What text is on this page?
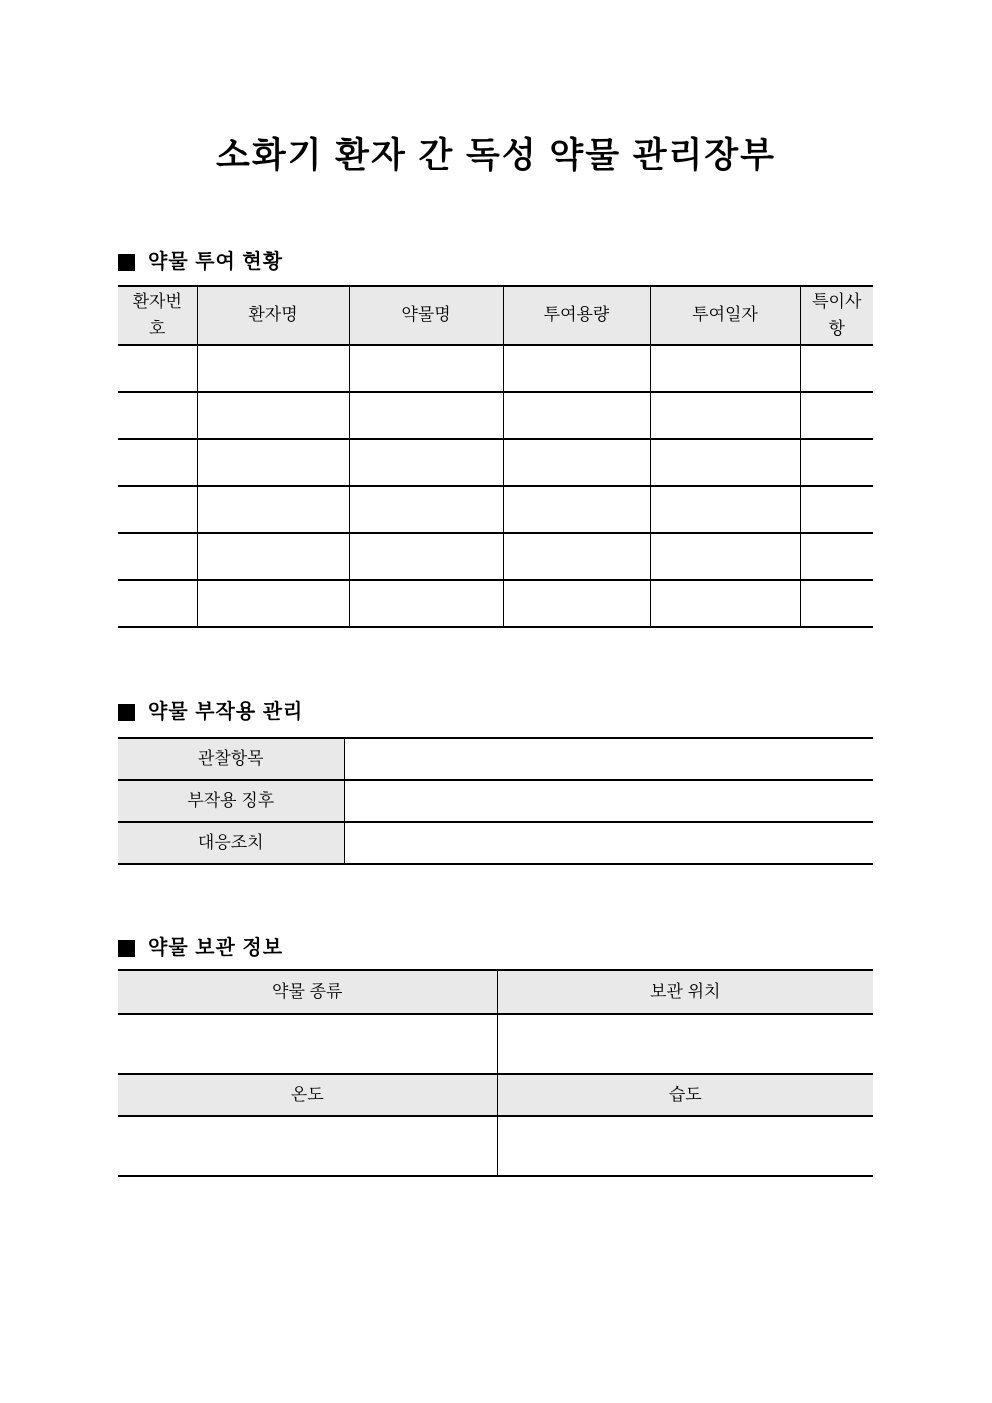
소화기 환자 간 독성 약물 관리장부
약물 투여 현황
환자번호	환자명	약물명	투여용량	투여일자	특이사항

약물 부작용 관리
관찰항목	
부작용 징후	
대응조치	
약물 보관 정보
약물 종류	보관 위치

온도	습도
